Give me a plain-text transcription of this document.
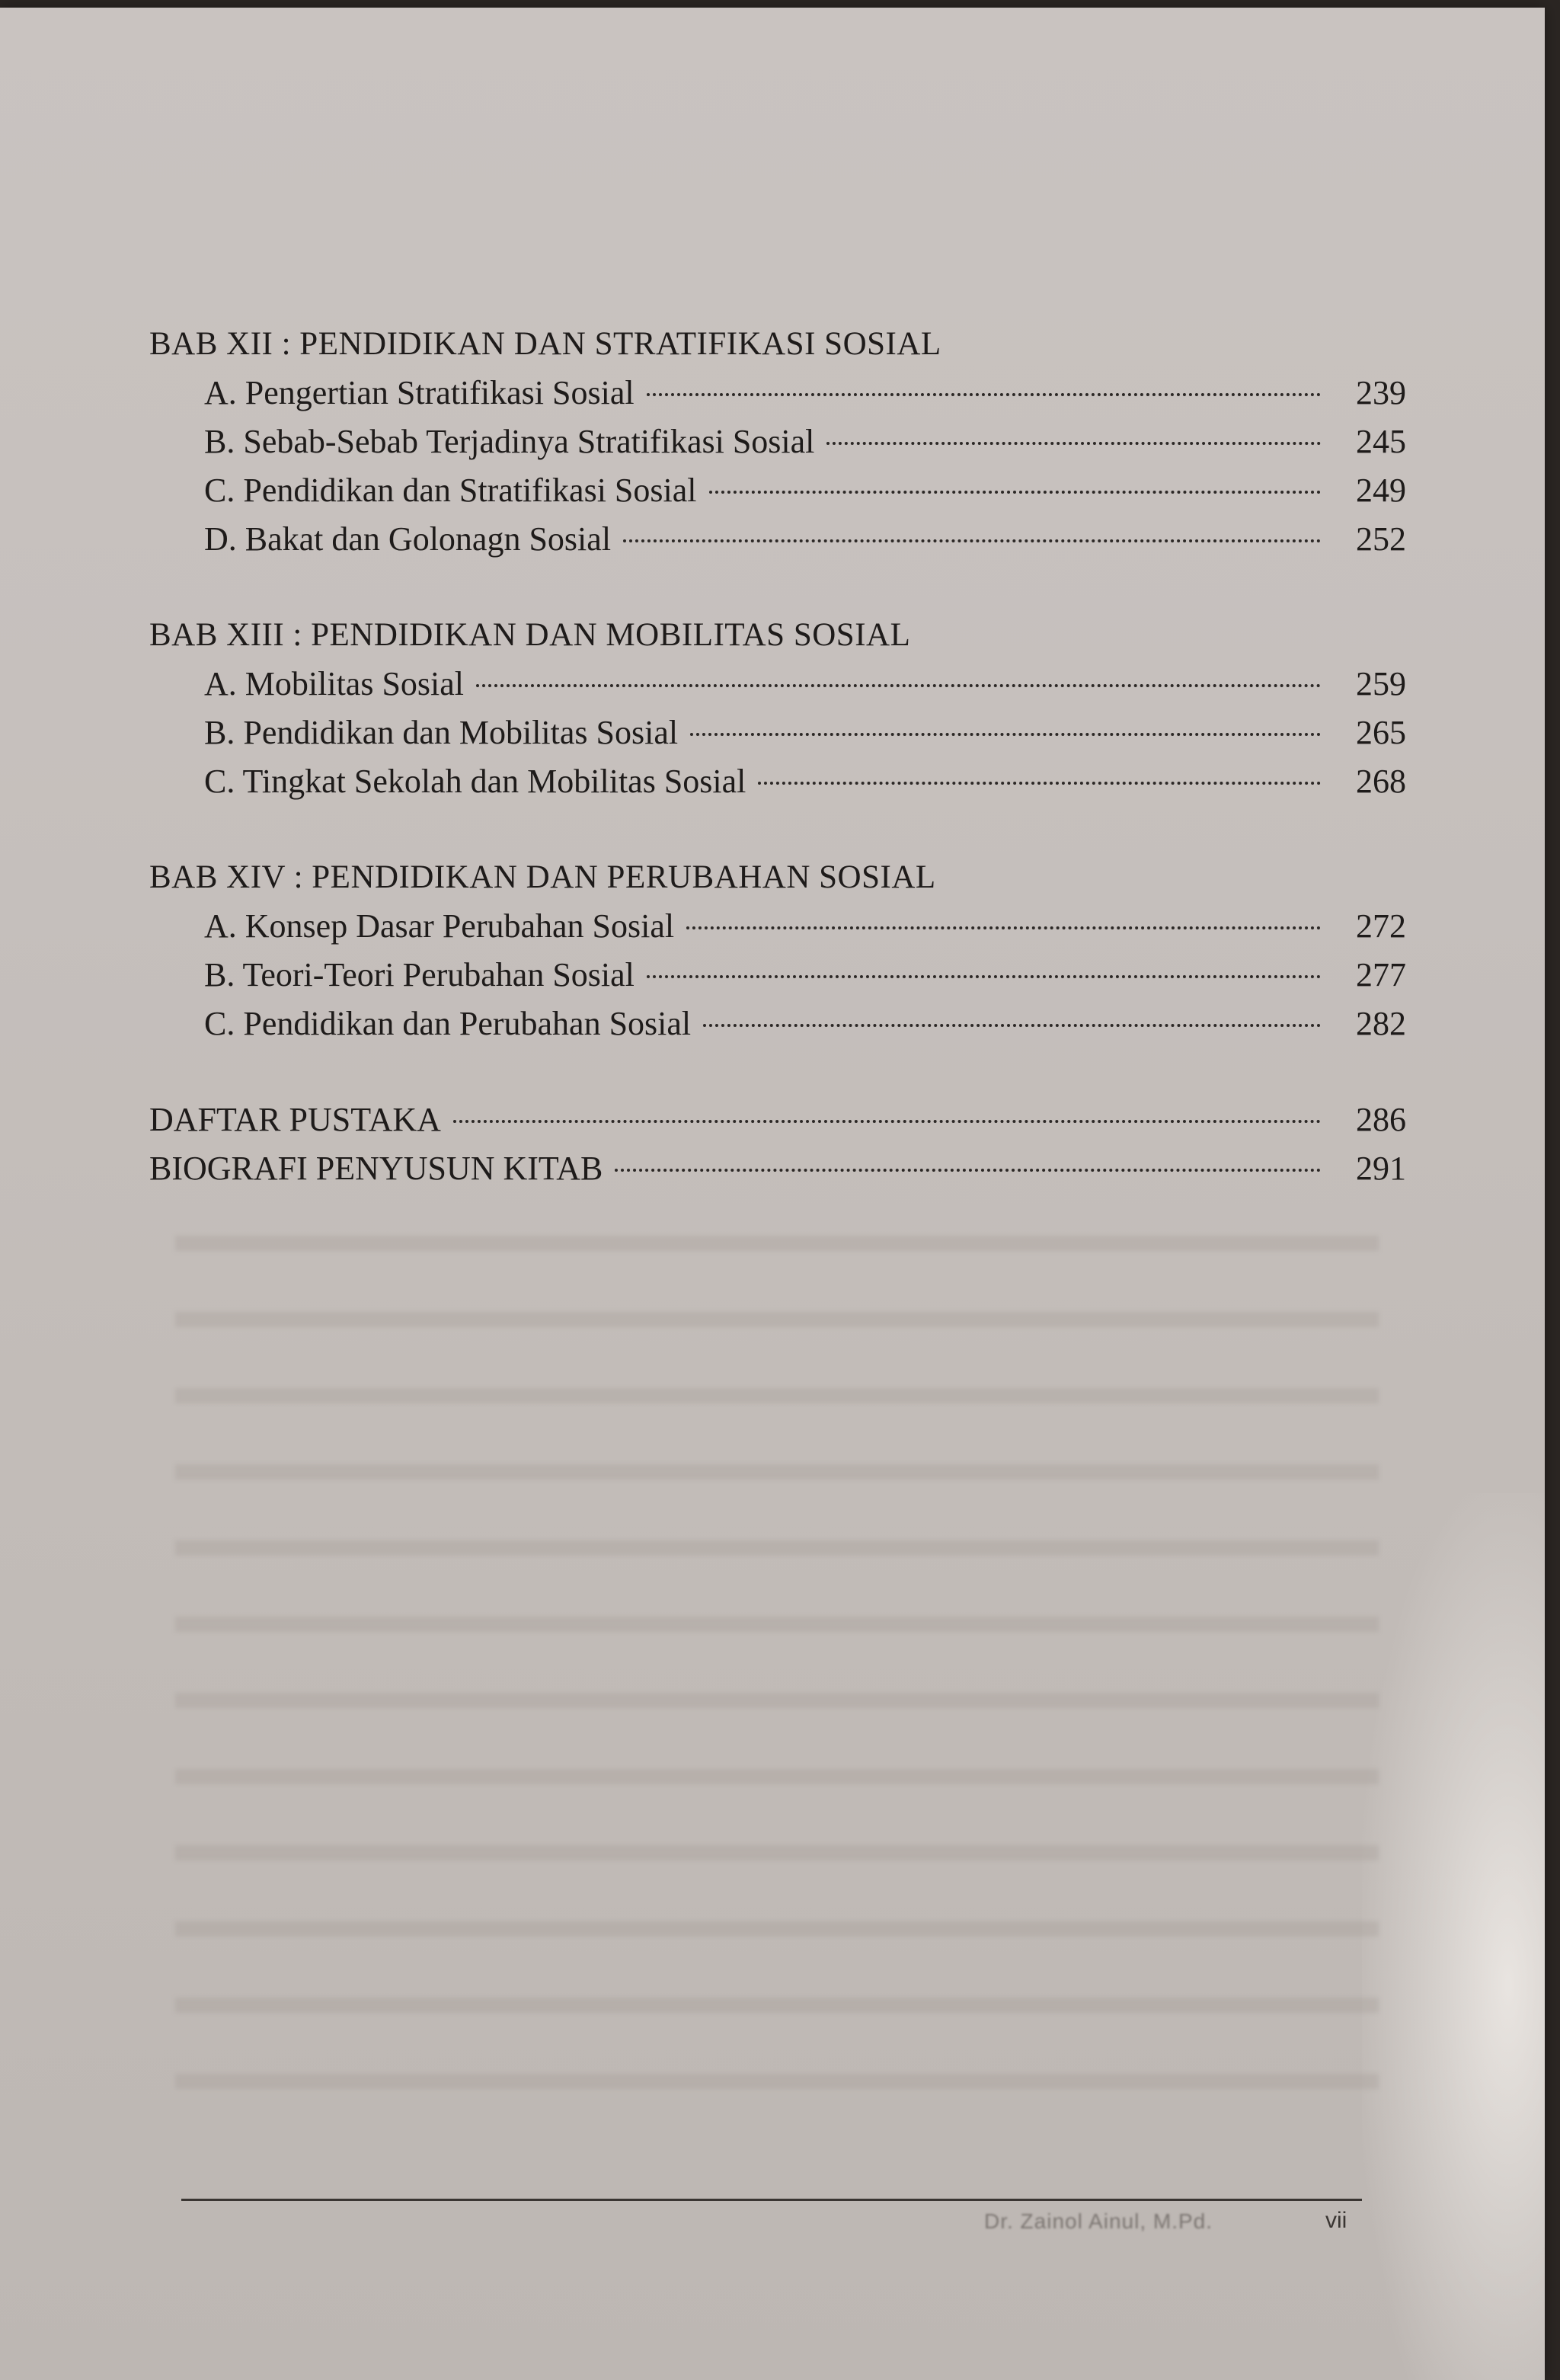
BAB XII : PENDIDIKAN DAN STRATIFIKASI SOSIAL
A. Pengertian Stratifikasi Sosial	239
B. Sebab-Sebab Terjadinya Stratifikasi Sosial	245
C. Pendidikan dan Stratifikasi Sosial	249
D. Bakat dan Golonagn Sosial	252
BAB XIII : PENDIDIKAN DAN MOBILITAS SOSIAL
A. Mobilitas Sosial	259
B. Pendidikan dan Mobilitas Sosial	265
C. Tingkat Sekolah dan Mobilitas Sosial	268
BAB XIV : PENDIDIKAN DAN PERUBAHAN SOSIAL
A. Konsep Dasar Perubahan Sosial	272
B. Teori-Teori Perubahan Sosial	277
C. Pendidikan dan Perubahan Sosial	282
DAFTAR PUSTAKA	286
BIOGRAFI PENYUSUN KITAB	291
Dr. Zainol Ainul, M.Pd.	vii
